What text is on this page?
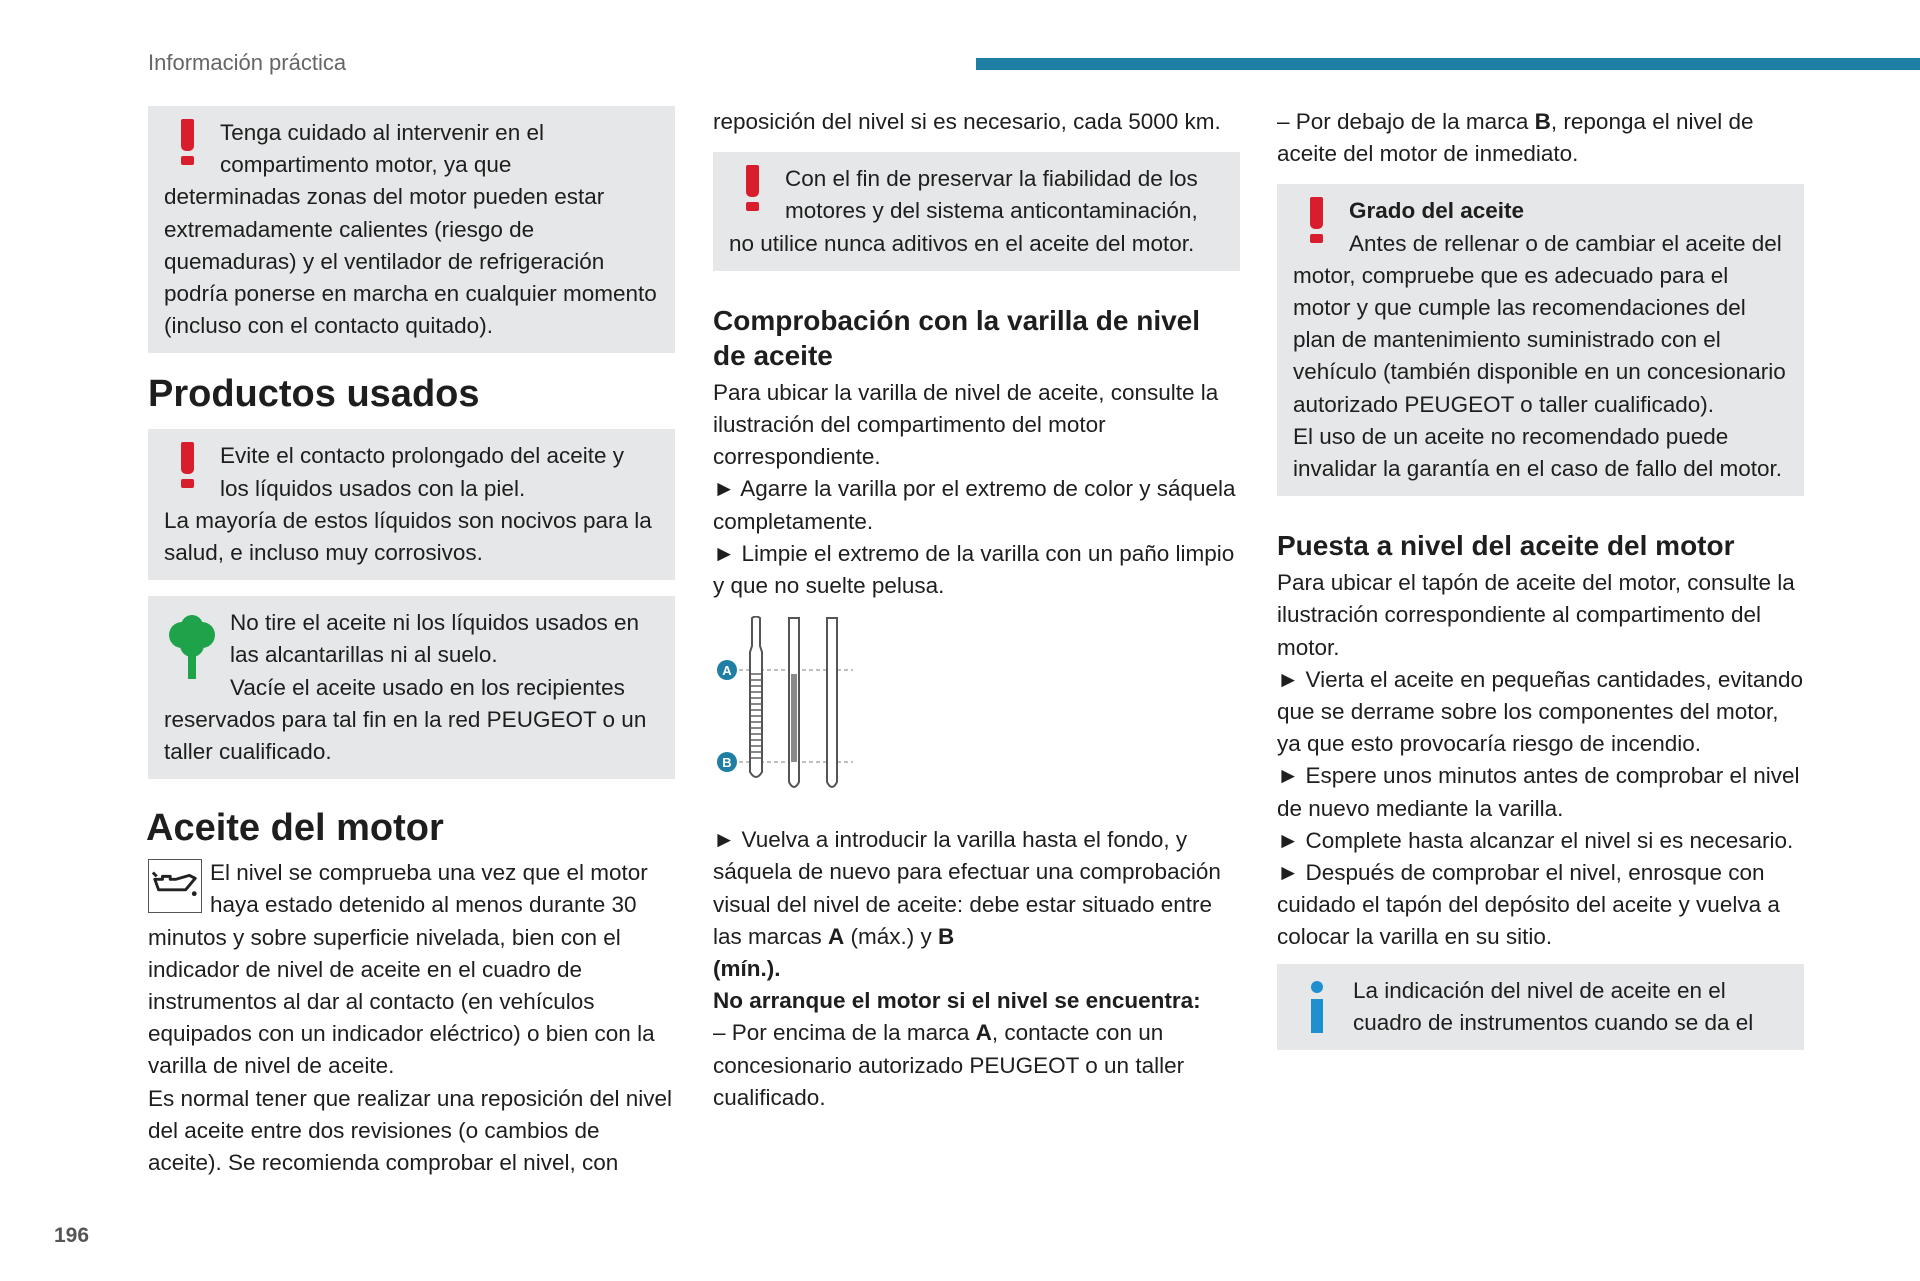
Información práctica

Tenga cuidado al intervenir en el compartimento motor, ya que

determinadas zonas del motor pueden estar extremadamente calientes (riesgo de quemaduras) y el ventilador de refrigeración podría ponerse en marcha en cualquier momento (incluso con el contacto quitado).

Productos usados

Evite el contacto prolongado del aceite y los líquidos usados con la piel.

La mayoría de estos líquidos son nocivos para la salud, e incluso muy corrosivos.

No tire el aceite ni los líquidos usados en las alcantarillas ni al suelo.

Vacíe el aceite usado en los recipientes reservados para tal fin en la red PEUGEOT o un taller cualificado.

Aceite del motor

El nivel se comprueba una vez que el motor haya estado detenido al menos durante 30 minutos y sobre superficie nivelada, bien con el indicador de nivel de aceite en el cuadro de instrumentos al dar al contacto (en vehículos equipados con un indicador eléctrico) o bien con la varilla de nivel de aceite.

Es normal tener que realizar una reposición del nivel del aceite entre dos revisiones (o cambios de aceite). Se recomienda comprobar el nivel, con

reposición del nivel si es necesario, cada 5000 km.

Con el fin de preservar la fiabilidad de los motores y del sistema anticontaminación,

no utilice nunca aditivos en el aceite del motor.

Comprobación con la varilla de nivel de aceite

Para ubicar la varilla de nivel de aceite, consulte la ilustración del compartimento del motor correspondiente.

► Agarre la varilla por el extremo de color y sáquela completamente.

► Limpie el extremo de la varilla con un paño limpio y que no suelte pelusa.

A
B

► Vuelva a introducir la varilla hasta el fondo, y sáquela de nuevo para efectuar una comprobación visual del nivel de aceite: debe estar situado entre las marcas A (máx.) y B
(mín.).

No arranque el motor si el nivel se encuentra:

– Por encima de la marca A, contacte con un concesionario autorizado PEUGEOT o un taller cualificado.

– Por debajo de la marca B, reponga el nivel de aceite del motor de inmediato.

Grado del aceite

Antes de rellenar o de cambiar el aceite del motor, compruebe que es adecuado para el motor y que cumple las recomendaciones del plan de mantenimiento suministrado con el vehículo (también disponible en un concesionario autorizado PEUGEOT o taller cualificado).

El uso de un aceite no recomendado puede invalidar la garantía en el caso de fallo del motor.

Puesta a nivel del aceite del motor

Para ubicar el tapón de aceite del motor, consulte la ilustración correspondiente al compartimento del motor.

► Vierta el aceite en pequeñas cantidades, evitando que se derrame sobre los componentes del motor, ya que esto provocaría riesgo de incendio.

► Espere unos minutos antes de comprobar el nivel de nuevo mediante la varilla.

► Complete hasta alcanzar el nivel si es necesario.

► Después de comprobar el nivel, enrosque con cuidado el tapón del depósito del aceite y vuelva a colocar la varilla en su sitio.

La indicación del nivel de aceite en el cuadro de instrumentos cuando se da el

196
